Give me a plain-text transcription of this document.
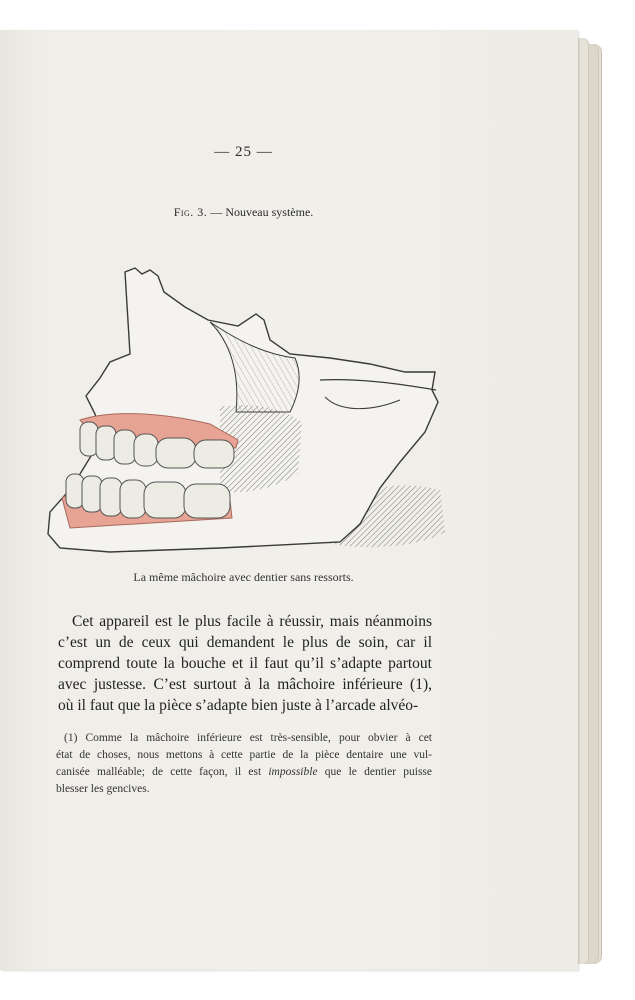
— 25 —
Fig. 3. — Nouveau système.
La même mâchoire avec dentier sans ressorts.

Cet appareil est le plus facile à réussir, mais néanmoins
c’est un de ceux qui demandent le plus de soin, car il
comprend toute la bouche et il faut qu’il s’adapte partout
avec justesse. C’est surtout à la mâchoire inférieure (1),
où il faut que la pièce s’adapte bien juste à l’arcade alvéo-

(1) Comme la mâchoire inférieure est très-sensible, pour obvier à cet
état de choses, nous mettons à cette partie de la pièce dentaire une vul-
canisée malléable; de cette façon, il est impossible que le dentier puisse
blesser les gencives.
